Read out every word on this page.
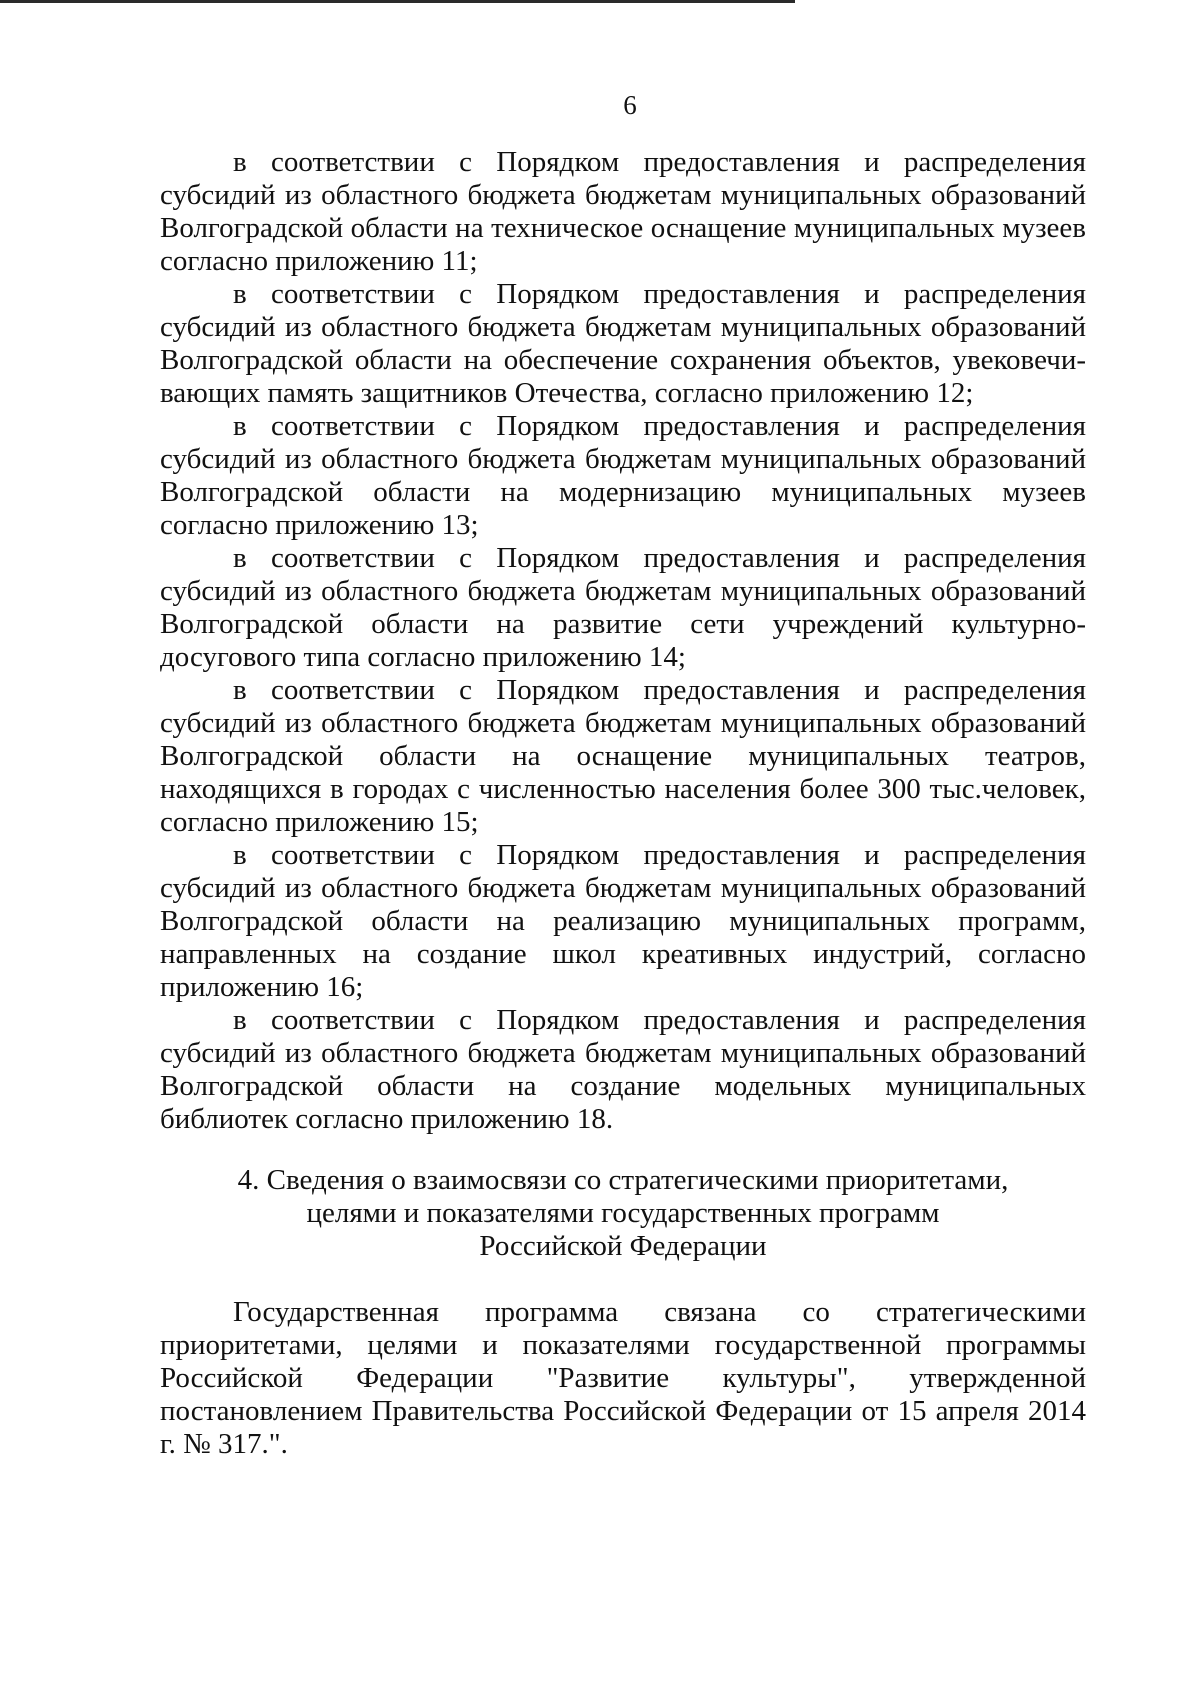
6

в соответствии с Порядком предоставления и распределения субсидий из областного бюджета бюджетам муниципальных образований Волгоградской области на техническое оснащение муниципальных музеев согласно приложению 11;

в соответствии с Порядком предоставления и распределения субсидий из областного бюджета бюджетам муниципальных образований Волгоградской области на обеспечение сохранения объектов, увековечи-вающих память защитников Отечества, согласно приложению 12;

в соответствии с Порядком предоставления и распределения субсидий из областного бюджета бюджетам муниципальных образований Волгоградской области на модернизацию муниципальных музеев согласно приложению 13;

в соответствии с Порядком предоставления и распределения субсидий из областного бюджета бюджетам муниципальных образований Волгоградской области на развитие сети учреждений культурно-досугового типа согласно приложению 14;

в соответствии с Порядком предоставления и распределения субсидий из областного бюджета бюджетам муниципальных образований Волгоградской области на оснащение муниципальных театров, находящихся в городах с численностью населения более 300 тыс.человек, согласно приложению 15;

в соответствии с Порядком предоставления и распределения субсидий из областного бюджета бюджетам муниципальных образований Волгоградской области на реализацию муниципальных программ, направленных на создание школ креативных индустрий, согласно приложению 16;

в соответствии с Порядком предоставления и распределения субсидий из областного бюджета бюджетам муниципальных образований Волгоградской области на создание модельных муниципальных библиотек согласно приложению 18.

4. Сведения о взаимосвязи со стратегическими приоритетами,
целями и показателями государственных программ
Российской Федерации

Государственная программа связана со стратегическими приоритетами, целями и показателями государственной программы Российской Федерации "Развитие культуры", утвержденной постановлением Правительства Российской Федерации от 15 апреля 2014 г. № 317.".
